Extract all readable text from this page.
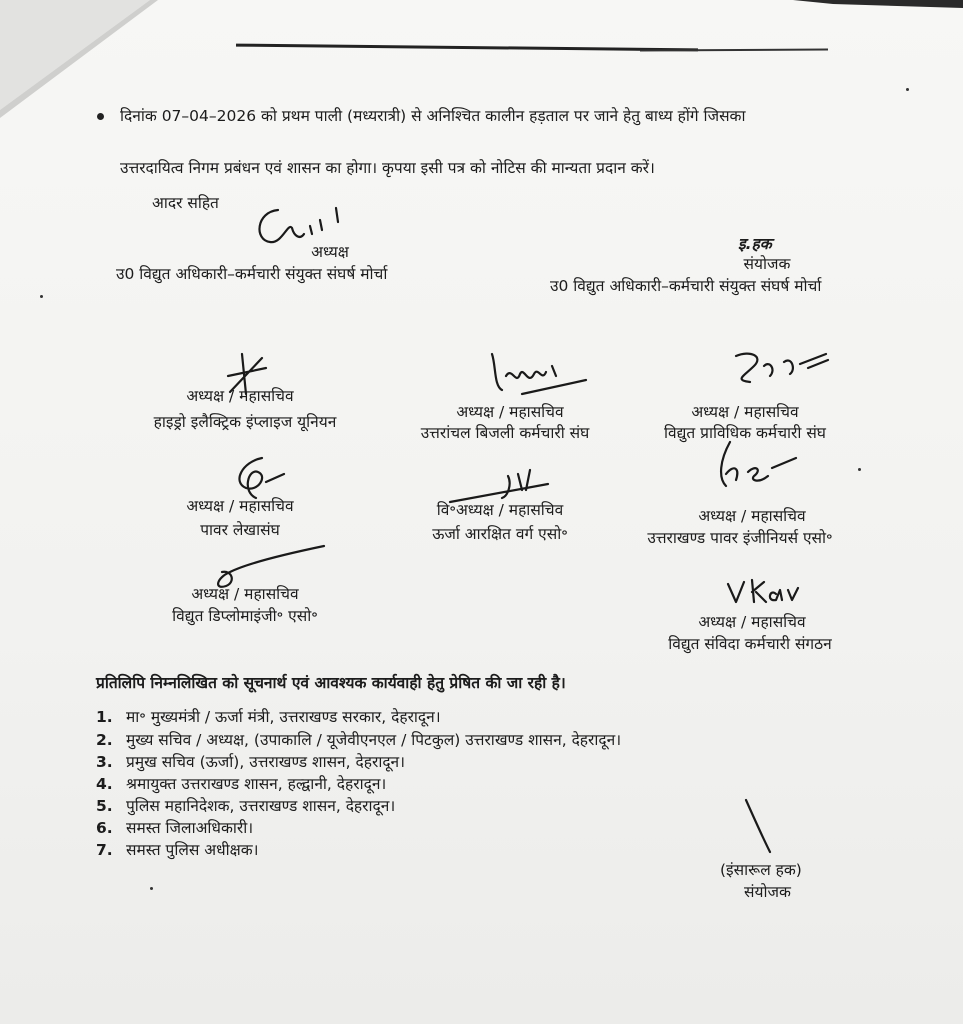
दिनांक 07–04–2026 को प्रथम पाली (मध्यरात्री) से अनिश्चित कालीन हड़ताल पर जाने हेतु बाध्य होंगे जिसका
उत्तरदायित्व निगम प्रबंधन एवं शासन का होगा। कृपया इसी पत्र को नोटिस की मान्यता प्रदान करें।
आदर सहित
अध्यक्ष
उ0 विद्युत अधिकारी–कर्मचारी संयुक्त संघर्ष मोर्चा
इ.हक
संयोजक
उ0 विद्युत अधिकारी–कर्मचारी संयुक्त संघर्ष मोर्चा
अध्यक्ष / महासचिव
हाइड्रो इलैक्ट्रिक इंप्लाइज यूनियन
अध्यक्ष / महासचिव
उत्तरांचल बिजली कर्मचारी संघ
अध्यक्ष / महासचिव
विद्युत प्राविधिक कर्मचारी संघ
अध्यक्ष / महासचिव
पावर लेखासंघ
वि॰अध्यक्ष / महासचिव
ऊर्जा आरक्षित वर्ग एसो॰
अध्यक्ष / महासचिव
उत्तराखण्ड पावर इंजीनियर्स एसो॰
अध्यक्ष / महासचिव
विद्युत डिप्लोमाइंजी॰ एसो॰	अध्यक्ष / महासचिव
विद्युत संविदा कर्मचारी संगठन
प्रतिलिपि निम्नलिखित को सूचनार्थ एवं आवश्यक कार्यवाही हेतु प्रेषित की जा रही है।
1. मा॰ मुख्यमंत्री / ऊर्जा मंत्री, उत्तराखण्ड सरकार, देहरादून।
2. मुख्य सचिव / अध्यक्ष, (उपाकालि / यूजेवीएनएल / पिटकुल) उत्तराखण्ड शासन, देहरादून।
3. प्रमुख सचिव (ऊर्जा), उत्तराखण्ड शासन, देहरादून।
4. श्रमायुक्त उत्तराखण्ड शासन, हल्द्वानी, देहरादून।
5. पुलिस महानिदेशक, उत्तराखण्ड शासन, देहरादून।
6. समस्त जिलाअधिकारी।
7. समस्त पुलिस अधीक्षक।
(इंसारूल हक)
संयोजक
